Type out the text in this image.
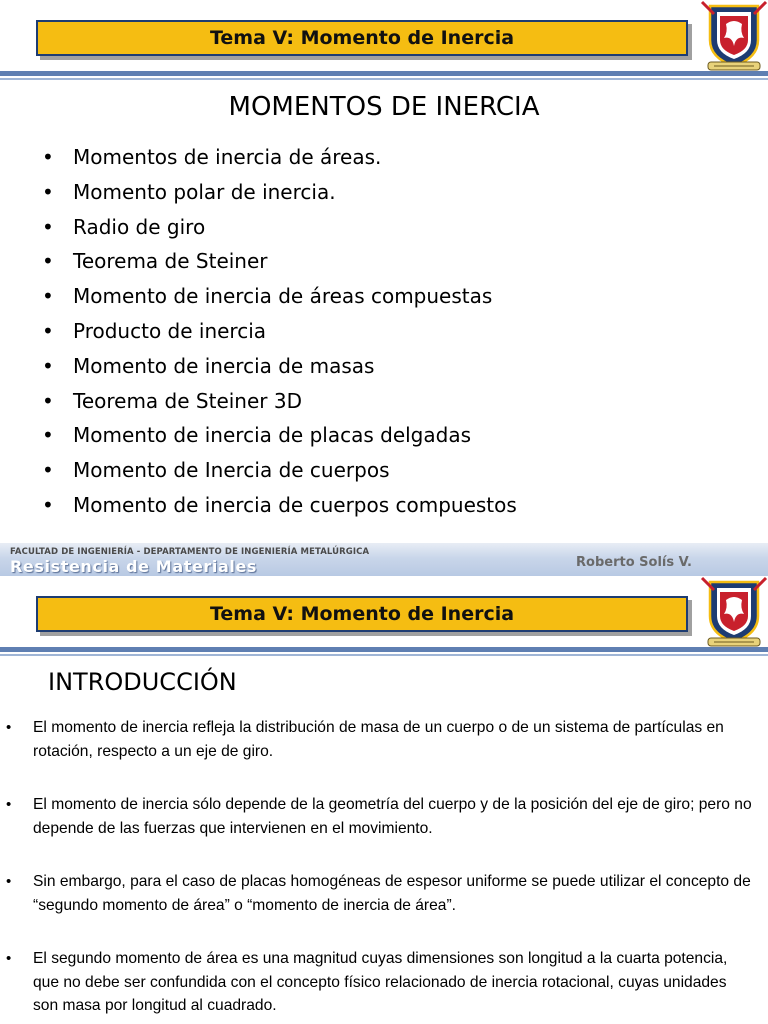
Tema V: Momento de Inercia
MOMENTOS DE INERCIA
• Momentos de inercia de áreas.
• Momento polar de inercia.
• Radio de giro
• Teorema de Steiner
• Momento de inercia de áreas compuestas
• Producto de inercia
• Momento de inercia de masas
• Teorema de Steiner 3D
• Momento de inercia de placas delgadas
• Momento de Inercia de cuerpos
• Momento de inercia de cuerpos compuestos
FACULTAD DE INGENIERÍA - DEPARTAMENTO DE INGENIERÍA METALÚRGICA
Resistencia de Materiales	Roberto Solís V.
Tema V: Momento de Inercia
INTRODUCCIÓN
• El momento de inercia refleja la distribución de masa de un cuerpo o de un sistema de partículas en rotación, respecto a un eje de giro.
• El momento de inercia sólo depende de la geometría del cuerpo y de la posición del eje de giro; pero no depende de las fuerzas que intervienen en el movimiento.
• Sin embargo, para el caso de placas homogéneas de espesor uniforme se puede utilizar el concepto de “segundo momento de área” o “momento de inercia de área”.
• El segundo momento de área es una magnitud cuyas dimensiones son longitud a la cuarta potencia, que no debe ser confundida con el concepto físico relacionado de inercia rotacional, cuyas unidades son masa por longitud al cuadrado.
